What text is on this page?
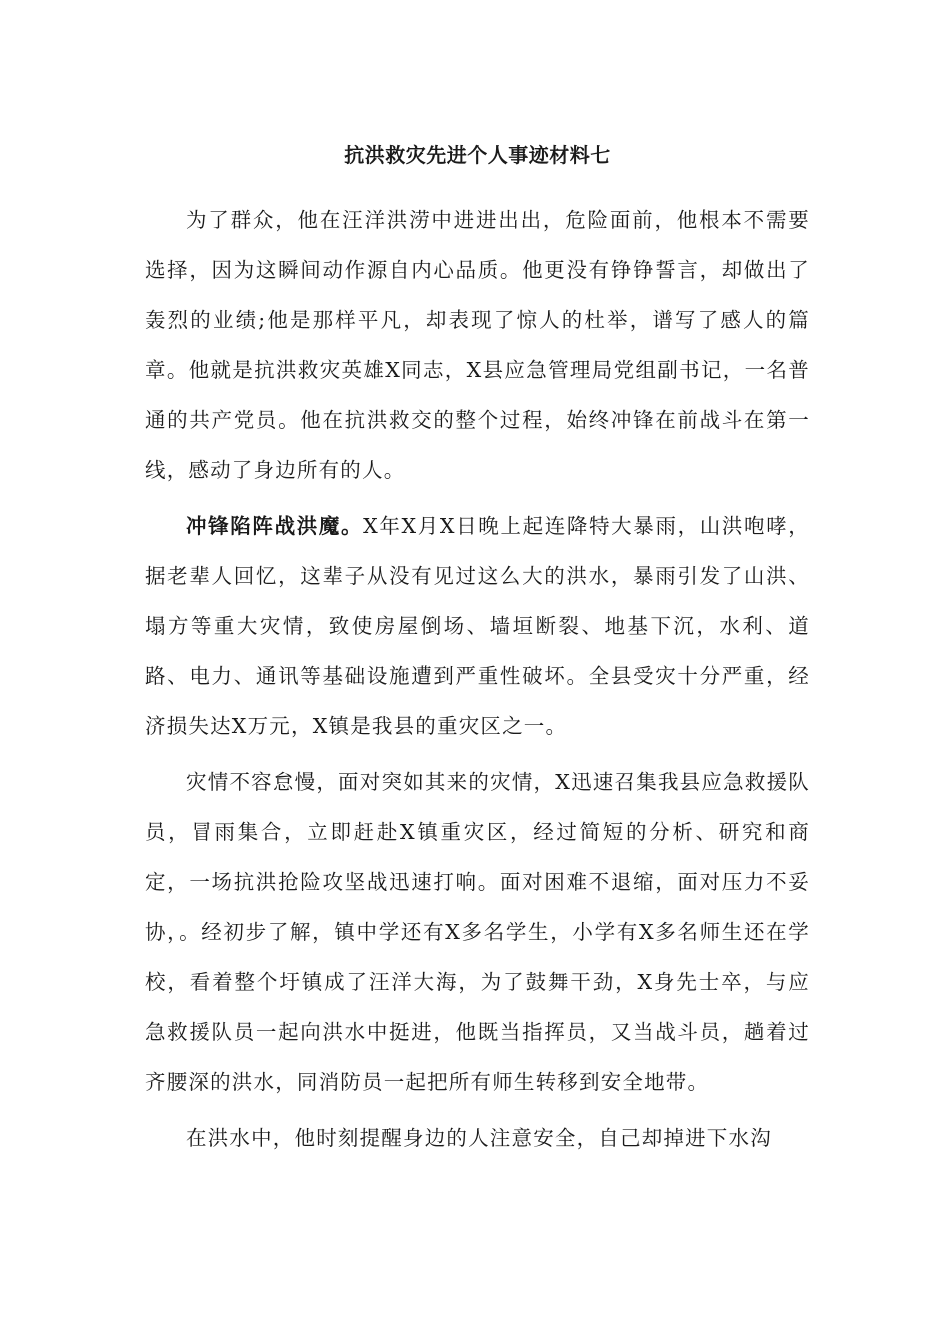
抗洪救灾先进个人事迹材料七

为了群众，他在汪洋洪涝中进进出出，危险面前，他根本不需要选择，因为这瞬间动作源自内心品质。他更没有铮铮誓言，却做出了轰烈的业绩;他是那样平凡，却表现了惊人的杜举，谱写了感人的篇章。他就是抗洪救灾英雄X同志，X县应急管理局党组副书记，一名普通的共产党员。他在抗洪救交的整个过程，始终冲锋在前战斗在第一线，感动了身边所有的人。

冲锋陷阵战洪魔。X年X月X日晚上起连降特大暴雨，山洪咆哮，据老辈人回忆，这辈子从没有见过这么大的洪水，暴雨引发了山洪、塌方等重大灾情，致使房屋倒场、墙垣断裂、地基下沉，水利、道路、电力、通讯等基础设施遭到严重性破坏。全县受灾十分严重，经济损失达X万元，X镇是我县的重灾区之一。

灾情不容怠慢，面对突如其来的灾情，X迅速召集我县应急救援队员，冒雨集合，立即赶赴X镇重灾区，经过简短的分析、研究和商定，一场抗洪抢险攻坚战迅速打响。面对困难不退缩，面对压力不妥协，。经初步了解，镇中学还有X多名学生，小学有X多名师生还在学校，看着整个圩镇成了汪洋大海，为了鼓舞干劲，X身先士卒，与应急救援队员一起向洪水中挺进，他既当指挥员，又当战斗员，趟着过齐腰深的洪水，同消防员一起把所有师生转移到安全地带。

在洪水中，他时刻提醒身边的人注意安全，自己却掉进下水沟
